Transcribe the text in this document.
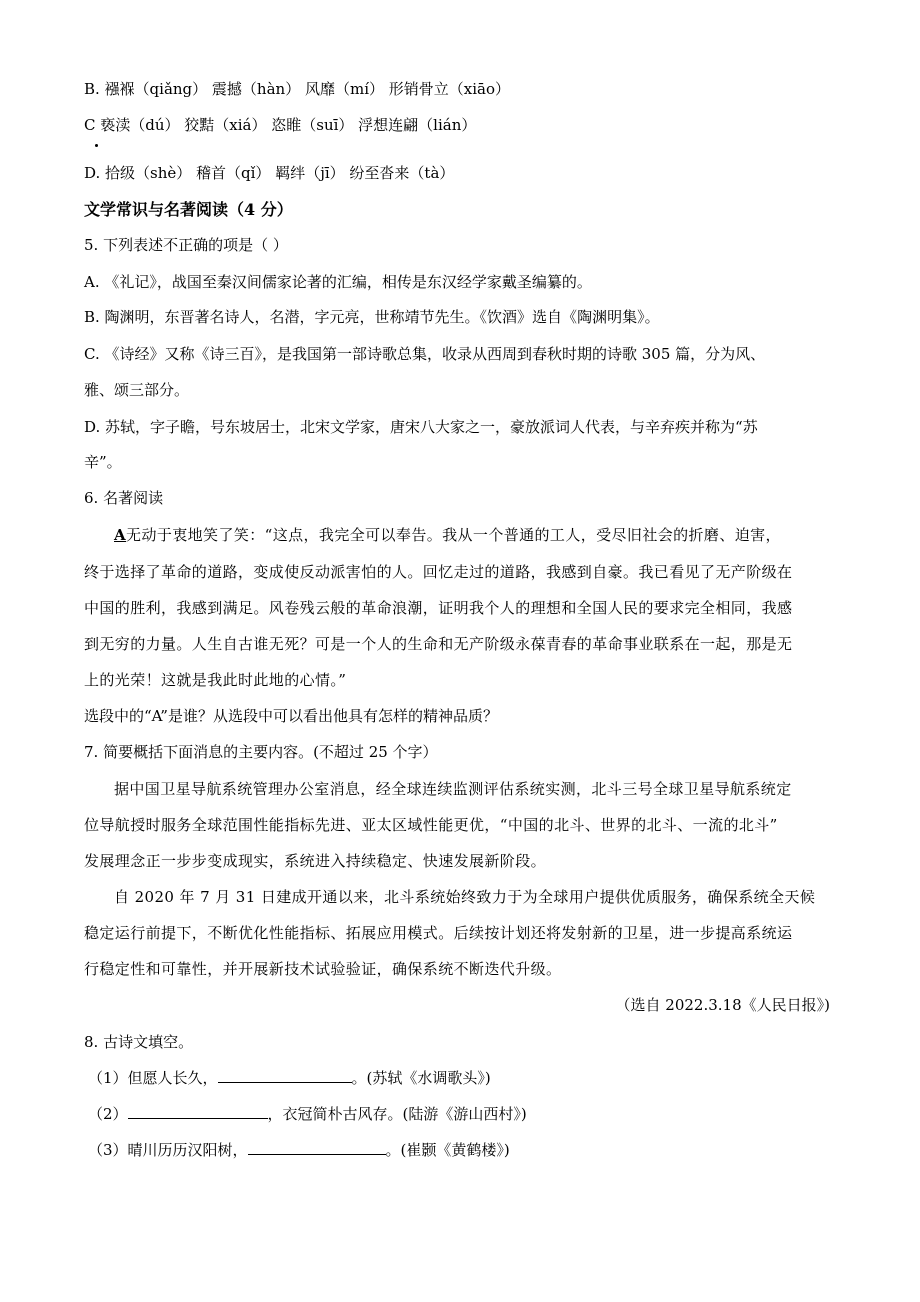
B. 襁褓（qiǎng） 震撼（hàn） 风靡（mí） 形销骨立（xiāo）
C 亵渎（dú） 狡黠（xiá） 恣睢（suī） 浮想连翩（lián）
D. 拾级（shè） 稽首（qǐ） 羁绊（jī） 纷至沓来（tà）
文学常识与名著阅读（4 分）
5. 下列表述不正确的项是（ ）
A. 《礼记》，战国至秦汉间儒家论著的汇编，相传是东汉经学家戴圣编纂的。
B. 陶渊明，东晋著名诗人，名潜，字元亮，世称靖节先生。《饮酒》选自《陶渊明集》。
C. 《诗经》又称《诗三百》，是我国第一部诗歌总集，收录从西周到春秋时期的诗歌 305 篇，分为风、
雅、颂三部分。
D. 苏轼，字子瞻，号东坡居士，北宋文学家，唐宋八大家之一，豪放派词人代表，与辛弃疾并称为“苏
辛”。
6. 名著阅读
A无动于衷地笑了笑：“这点，我完全可以奉告。我从一个普通的工人，受尽旧社会的折磨、迫害，
终于选择了革命的道路，变成使反动派害怕的人。回忆走过的道路，我感到自豪。我已看见了无产阶级在
中国的胜利，我感到满足。风卷残云般的革命浪潮，证明我个人的理想和全国人民的要求完全相同，我感
到无穷的力量。人生自古谁无死？可是一个人的生命和无产阶级永葆青春的革命事业联系在一起，那是无
上的光荣！这就是我此时此地的心情。”
选段中的“A”是谁？从选段中可以看出他具有怎样的精神品质？
7. 简要概括下面消息的主要内容。(不超过 25 个字）
据中国卫星导航系统管理办公室消息，经全球连续监测评估系统实测，北斗三号全球卫星导航系统定
位导航授时服务全球范围性能指标先进、亚太区域性能更优，“中国的北斗、世界的北斗、一流的北斗”
发展理念正一步步变成现实，系统进入持续稳定、快速发展新阶段。
自 2020 年 7 月 31 日建成开通以来，北斗系统始终致力于为全球用户提供优质服务，确保系统全天候
稳定运行前提下，不断优化性能指标、拓展应用模式。后续按计划还将发射新的卫星，进一步提高系统运
行稳定性和可靠性，并开展新技术试验验证，确保系统不断迭代升级。
（选自 2022.3.18《人民日报》)
8. 古诗文填空。
（1）但愿人长久，	。(苏轼《水调歌头》)
（2）	，衣冠简朴古风存。(陆游《游山西村》)
（3）晴川历历汉阳树，	。(崔颢《黄鹤楼》)
